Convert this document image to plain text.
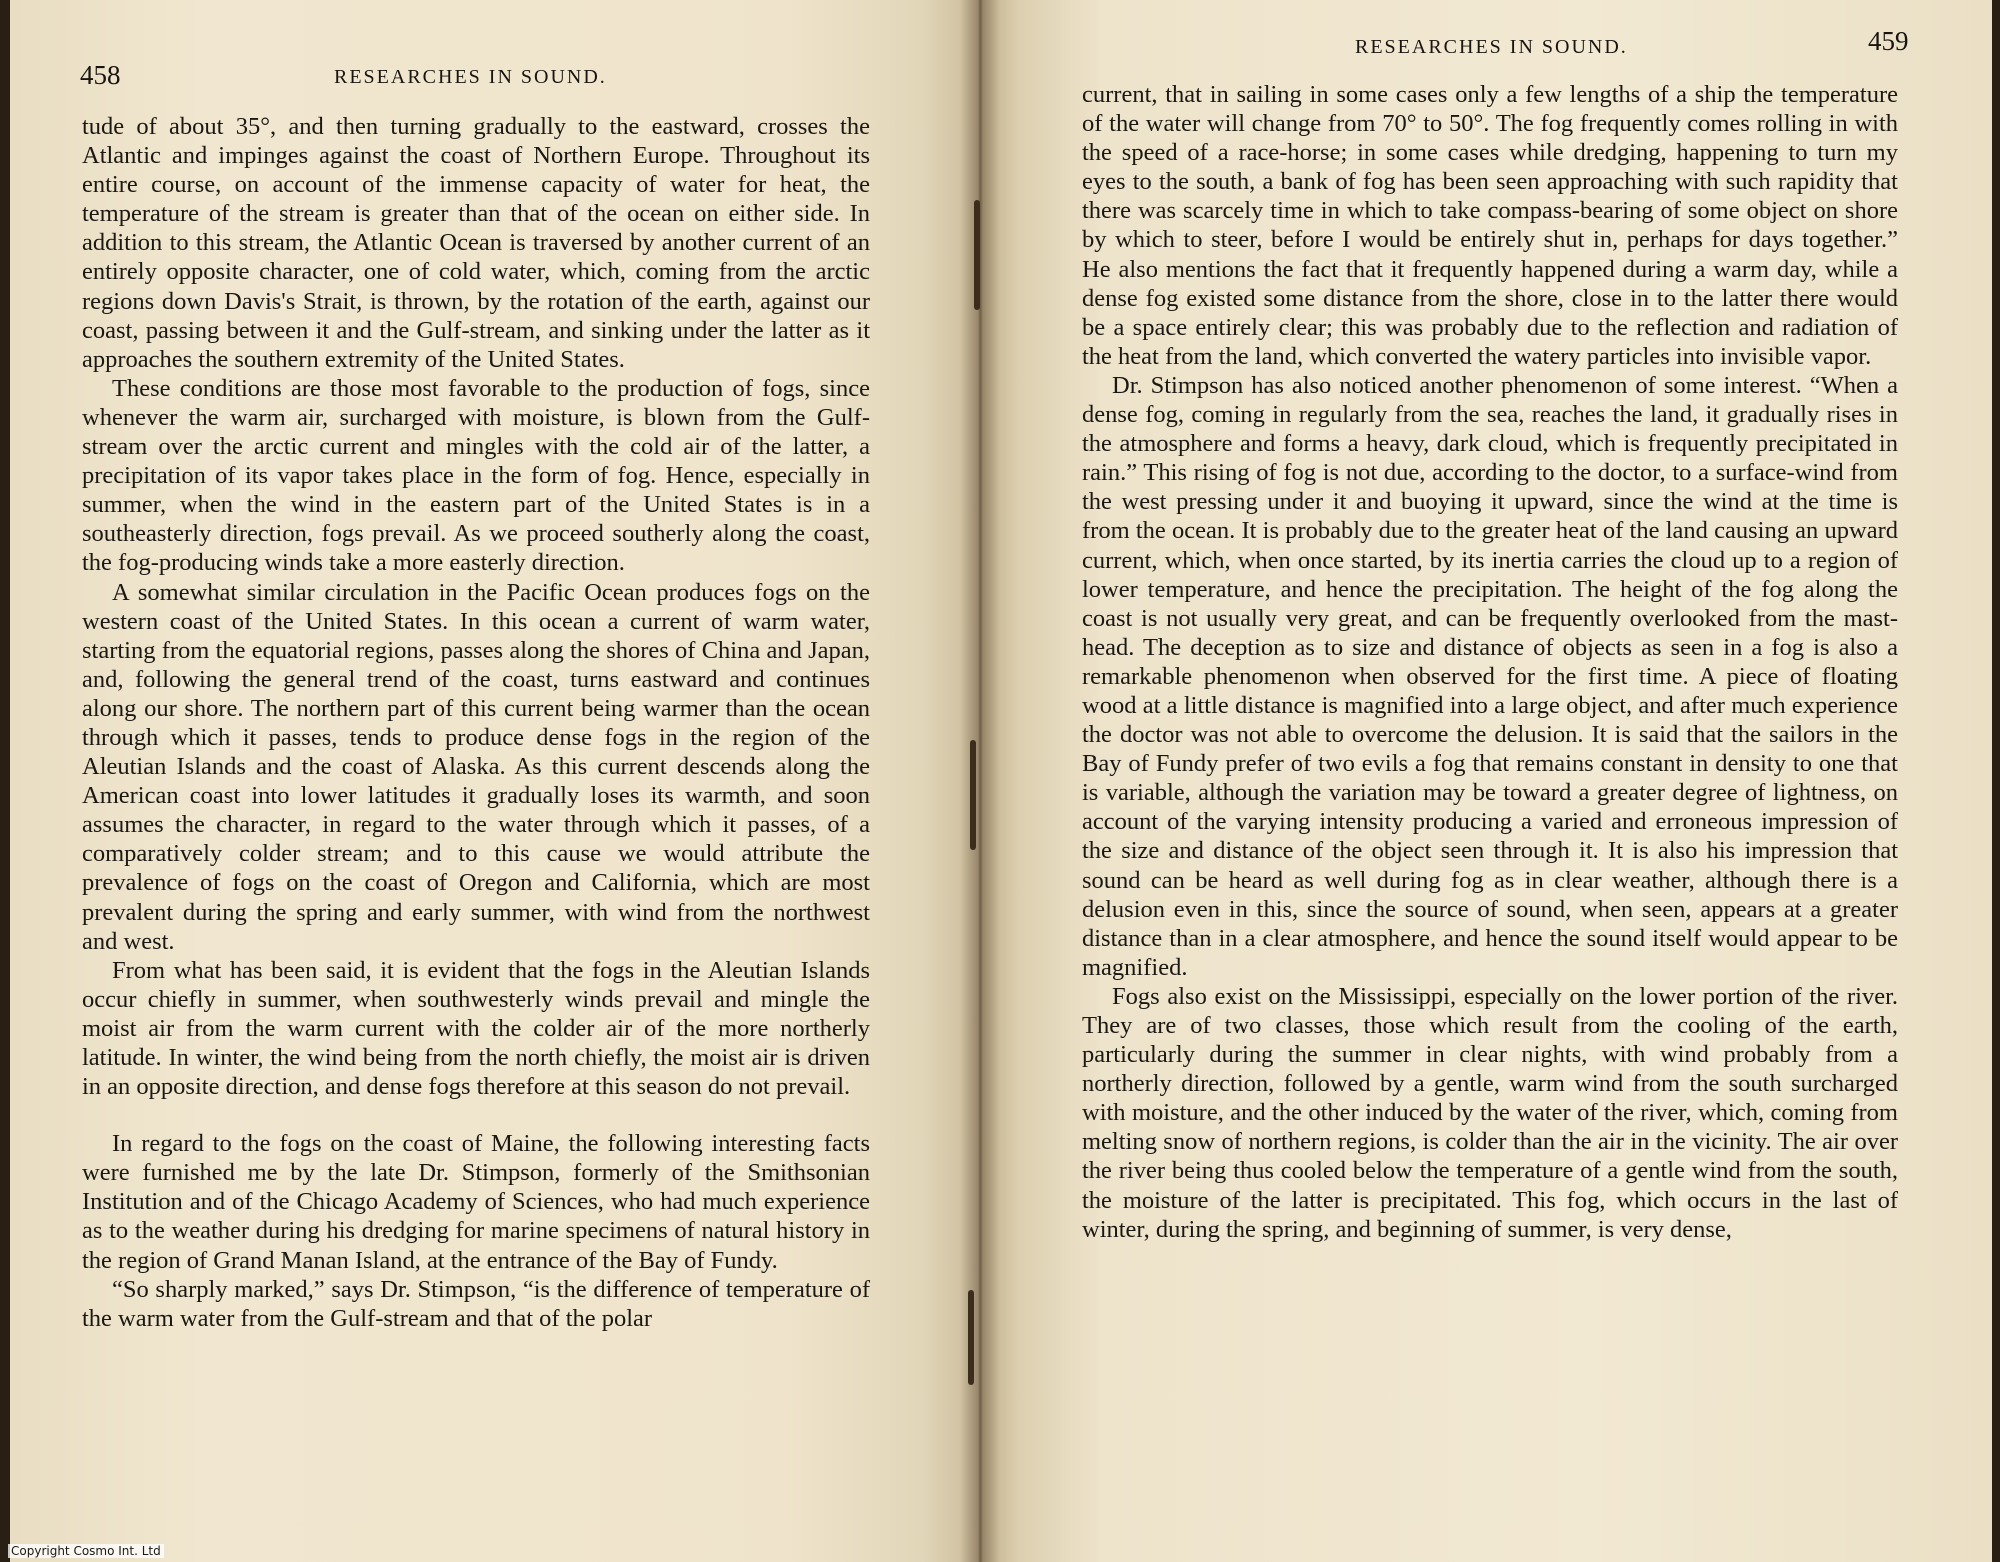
458	RESEARCHES IN SOUND.

tude of about 35°, and then turning gradually to the eastward, crosses the Atlantic and impinges against the coast of Northern Europe. Throughout its entire course, on account of the immense capacity of water for heat, the temperature of the stream is greater than that of the ocean on either side. In addition to this stream, the Atlantic Ocean is traversed by another current of an entirely opposite character, one of cold water, which, coming from the arctic regions down Davis's Strait, is thrown, by the rotation of the earth, against our coast, passing between it and the Gulf-stream, and sinking under the latter as it approaches the southern extremity of the United States.

These conditions are those most favorable to the production of fogs, since whenever the warm air, surcharged with moisture, is blown from the Gulf-stream over the arctic current and mingles with the cold air of the latter, a precipitation of its vapor takes place in the form of fog. Hence, especially in summer, when the wind in the eastern part of the United States is in a southeasterly direction, fogs prevail. As we proceed southerly along the coast, the fog-producing winds take a more easterly direction.

A somewhat similar circulation in the Pacific Ocean produces fogs on the western coast of the United States. In this ocean a current of warm water, starting from the equatorial regions, passes along the shores of China and Japan, and, following the general trend of the coast, turns eastward and continues along our shore. The northern part of this current being warmer than the ocean through which it passes, tends to produce dense fogs in the region of the Aleutian Islands and the coast of Alaska. As this current descends along the American coast into lower latitudes it gradually loses its warmth, and soon assumes the character, in regard to the water through which it passes, of a comparatively colder stream; and to this cause we would attribute the prevalence of fogs on the coast of Oregon and California, which are most prevalent during the spring and early summer, with wind from the northwest and west.

From what has been said, it is evident that the fogs in the Aleutian Islands occur chiefly in summer, when southwesterly winds prevail and mingle the moist air from the warm current with the colder air of the more northerly latitude. In winter, the wind being from the north chiefly, the moist air is driven in an opposite direction, and dense fogs therefore at this season do not prevail.

In regard to the fogs on the coast of Maine, the following interesting facts were furnished me by the late Dr. Stimpson, formerly of the Smithsonian Institution and of the Chicago Academy of Sciences, who had much experience as to the weather during his dredging for marine specimens of natural history in the region of Grand Manan Island, at the entrance of the Bay of Fundy.

“So sharply marked,” says Dr. Stimpson, “is the difference of temperature of the warm water from the Gulf-stream and that of the polar

RESEARCHES IN SOUND.	459

current, that in sailing in some cases only a few lengths of a ship the temperature of the water will change from 70° to 50°. The fog frequently comes rolling in with the speed of a race-horse; in some cases while dredging, happening to turn my eyes to the south, a bank of fog has been seen approaching with such rapidity that there was scarcely time in which to take compass-bearing of some object on shore by which to steer, before I would be entirely shut in, perhaps for days together.” He also mentions the fact that it frequently happened during a warm day, while a dense fog existed some distance from the shore, close in to the latter there would be a space entirely clear; this was probably due to the reflection and radiation of the heat from the land, which converted the watery particles into invisible vapor.

Dr. Stimpson has also noticed another phenomenon of some interest. “When a dense fog, coming in regularly from the sea, reaches the land, it gradually rises in the atmosphere and forms a heavy, dark cloud, which is frequently precipitated in rain.” This rising of fog is not due, according to the doctor, to a surface-wind from the west pressing under it and buoying it upward, since the wind at the time is from the ocean. It is probably due to the greater heat of the land causing an upward current, which, when once started, by its inertia carries the cloud up to a region of lower temperature, and hence the precipitation. The height of the fog along the coast is not usually very great, and can be frequently overlooked from the mast-head. The deception as to size and distance of objects as seen in a fog is also a remarkable phenomenon when observed for the first time. A piece of floating wood at a little distance is magnified into a large object, and after much experience the doctor was not able to overcome the delusion. It is said that the sailors in the Bay of Fundy prefer of two evils a fog that remains constant in density to one that is variable, although the variation may be toward a greater degree of lightness, on account of the varying intensity producing a varied and erroneous impression of the size and distance of the object seen through it. It is also his impression that sound can be heard as well during fog as in clear weather, although there is a delusion even in this, since the source of sound, when seen, appears at a greater distance than in a clear atmosphere, and hence the sound itself would appear to be magnified.

Fogs also exist on the Mississippi, especially on the lower portion of the river. They are of two classes, those which result from the cooling of the earth, particularly during the summer in clear nights, with wind probably from a northerly direction, followed by a gentle, warm wind from the south surcharged with moisture, and the other induced by the water of the river, which, coming from melting snow of northern regions, is colder than the air in the vicinity. The air over the river being thus cooled below the temperature of a gentle wind from the south, the moisture of the latter is precipitated. This fog, which occurs in the last of winter, during the spring, and beginning of summer, is very dense,

Copyright Cosmo Int. Ltd
